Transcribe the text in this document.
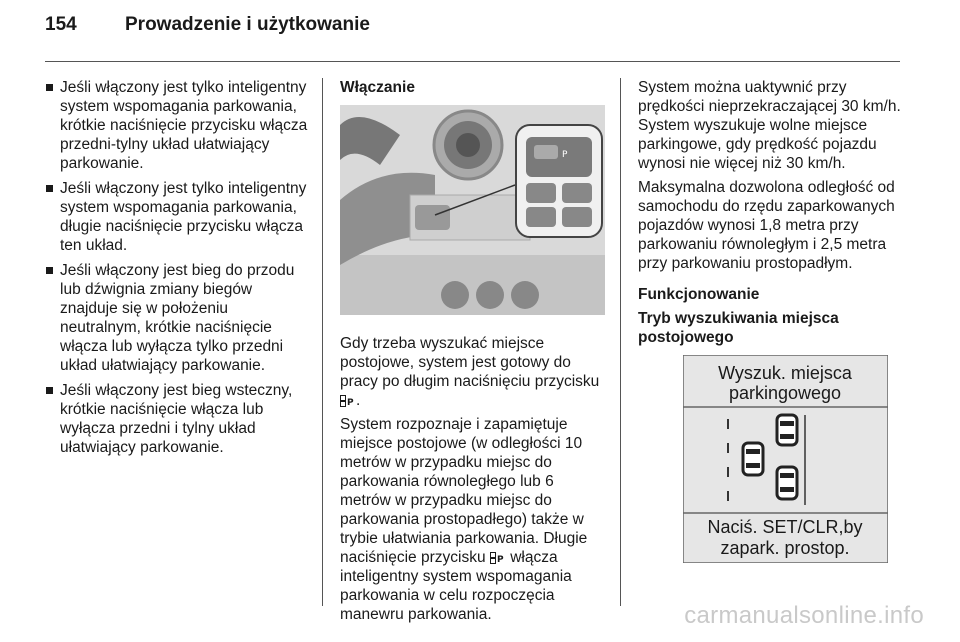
154	Prowadzenie i użytkowanie
Jeśli włączony jest tylko inteligentny system wspomagania parkowania, krótkie naciśnięcie przycisku włącza przedni-tylny układ ułatwiający parkowanie.
Jeśli włączony jest tylko inteligentny system wspomagania parkowania, długie naciśnięcie przycisku włącza ten układ.
Jeśli włączony jest bieg do przodu lub dźwignia zmiany biegów znajduje się w położeniu neutralnym, krótkie naciśnięcie włącza lub wyłącza tylko przedni układ ułatwiający parkowanie.
Jeśli włączony jest bieg wsteczny, krótkie naciśnięcie włącza lub wyłącza przedni i tylny układ ułatwiający parkowanie.
Włączanie
P

Gdy trzeba wyszukać miejsce postojowe, system jest gotowy do pracy po długim naciśnięciu przycisku
P .

System rozpoznaje i zapamiętuje miejsce postojowe (w odległości 10 metrów w przypadku miejsc do parkowania równoległego lub 6 metrów w przypadku miejsc do parkowania prostopadłego) także w trybie ułatwiania parkowania. Długie naciśnięcie przycisku P włącza inteligentny system wspomagania parkowania w celu rozpoczęcia manewru parkowania.

System można uaktywnić przy prędkości nieprzekraczającej 30 km/h. System wyszukuje wolne miejsce parkingowe, gdy prędkość pojazdu wynosi nie więcej niż 30 km/h.

Maksymalna dozwolona odległość od samochodu do rzędu zaparkowanych pojazdów wynosi 1,8 metra przy parkowaniu równoległym i 2,5 metra przy parkowaniu prostopadłym.

Funkcjonowanie
Tryb wyszukiwania miejsca postojowego
Wyszuk. miejsca
parkingowego
Naciś. SET/CLR,by
zapark. prostop.
carmanualsonline.info
